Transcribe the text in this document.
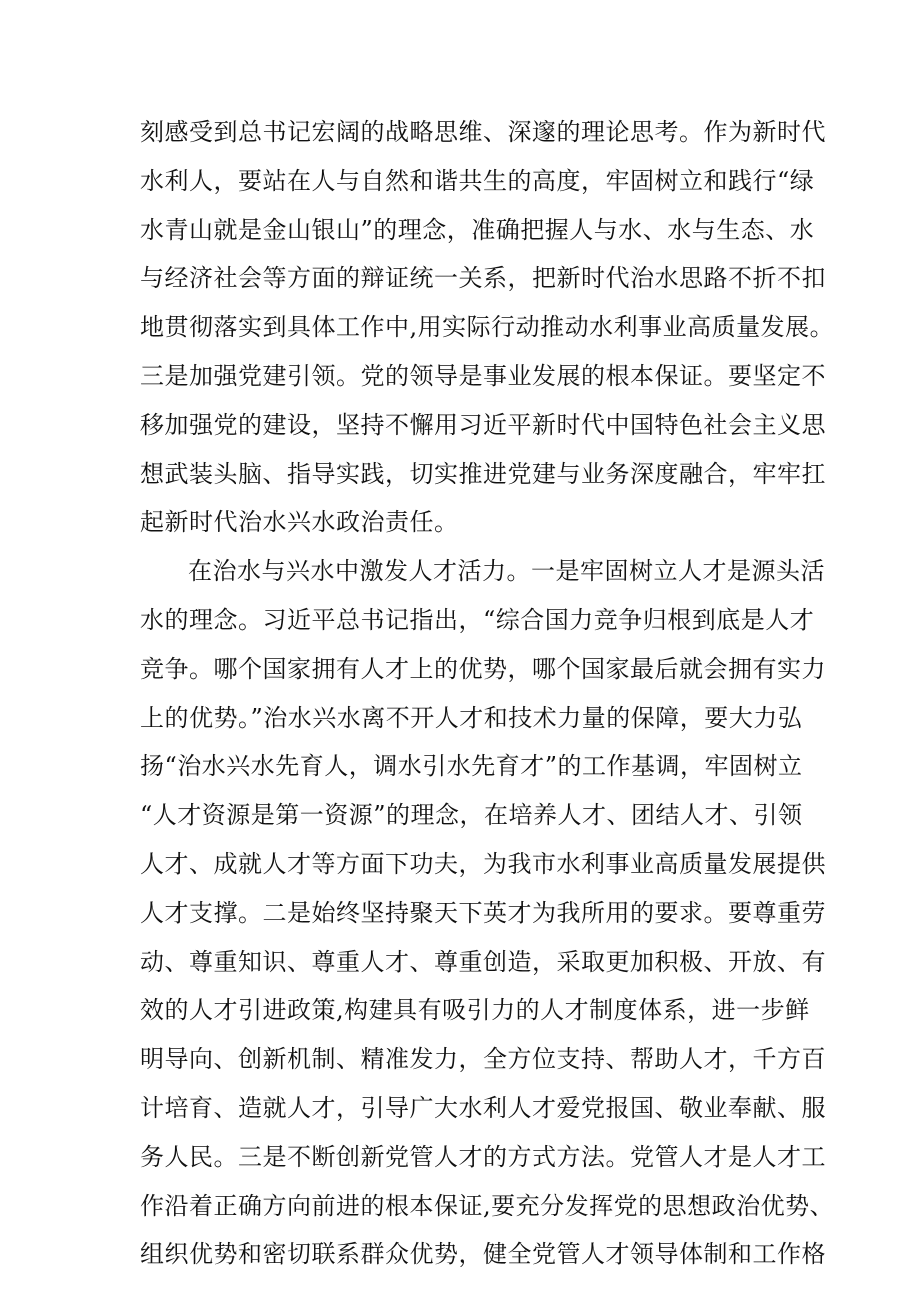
刻感受到总书记宏阔的战略思维、深邃的理论思考。作为新时代
水利人，要站在人与自然和谐共生的高度，牢固树立和践行“绿
水青山就是金山银山”的理念，准确把握人与水、水与生态、水
与经济社会等方面的辩证统一关系，把新时代治水思路不折不扣
地贯彻落实到具体工作中,用实际行动推动水利事业高质量发展。
三是加强党建引领。党的领导是事业发展的根本保证。要坚定不
移加强党的建设，坚持不懈用习近平新时代中国特色社会主义思
想武装头脑、指导实践，切实推进党建与业务深度融合，牢牢扛
起新时代治水兴水政治责任。
在治水与兴水中激发人才活力。一是牢固树立人才是源头活
水的理念。习近平总书记指出，“综合国力竞争归根到底是人才
竞争。哪个国家拥有人才上的优势，哪个国家最后就会拥有实力
上的优势。”治水兴水离不开人才和技术力量的保障，要大力弘
扬“治水兴水先育人，调水引水先育才”的工作基调，牢固树立
“人才资源是第一资源”的理念，在培养人才、团结人才、引领
人才、成就人才等方面下功夫，为我市水利事业高质量发展提供
人才支撑。二是始终坚持聚天下英才为我所用的要求。要尊重劳
动、尊重知识、尊重人才、尊重创造，采取更加积极、开放、有
效的人才引进政策,构建具有吸引力的人才制度体系，进一步鲜
明导向、创新机制、精准发力，全方位支持、帮助人才，千方百
计培育、造就人才，引导广大水利人才爱党报国、敬业奉献、服
务人民。三是不断创新党管人才的方式方法。党管人才是人才工
作沿着正确方向前进的根本保证,要充分发挥党的思想政治优势、
组织优势和密切联系群众优势，健全党管人才领导体制和工作格
